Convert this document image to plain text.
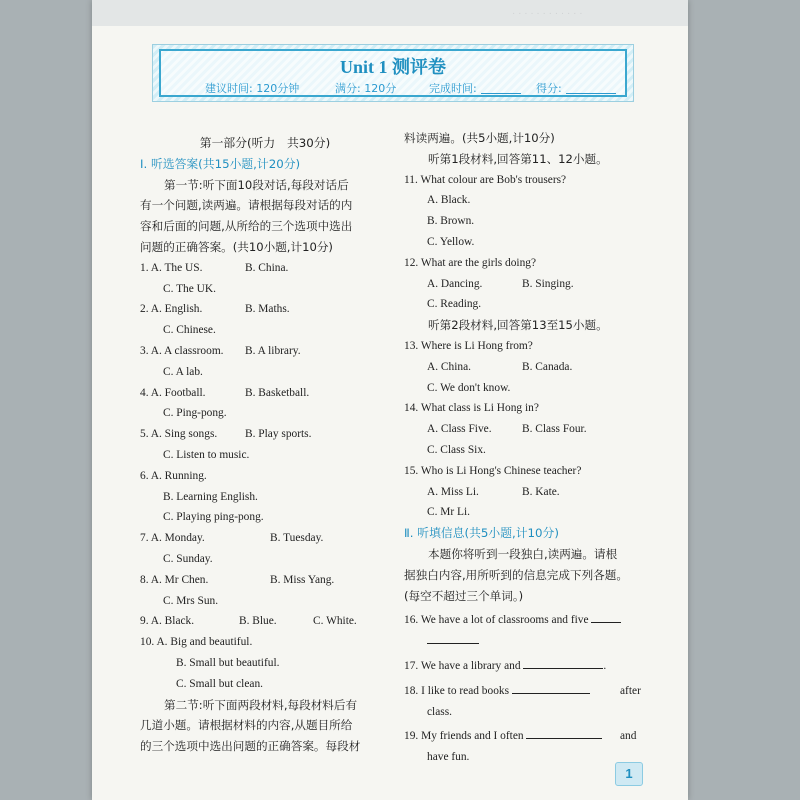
· · · · · · · · · · · ·
Unit 1 测评卷
建议时间: 120分钟	满分: 120分	完成时间:	得分:

第一部分(听力　共30分)

Ⅰ. 听选答案(共15小题,计20分)

第一节:听下面10段对话,每段对话后

有一个问题,读两遍。请根据每段对话的内

容和后面的问题,从所给的三个选项中选出

问题的正确答案。(共10小题,计10分)

1. A. The US.	B. China.

C. The UK.

2. A. English.	B. Maths.

C. Chinese.

3. A. A classroom. B. A library.

C. A lab.

4. A. Football.	B. Basketball.

C. Ping-pong.

5. A. Sing songs. B. Play sports.

C. Listen to music.

6. A. Running.

B. Learning English.

C. Playing ping-pong.

7. A. Monday.	B. Tuesday.

C. Sunday.

8. A. Mr Chen.	B. Miss Yang.

C. Mrs Sun.

9. A. Black.	B. Blue.	C. White.

10. A. Big and beautiful.

B. Small but beautiful.

C. Small but clean.

第二节:听下面两段材料,每段材料后有

几道小题。请根据材料的内容,从题目所给

的三个选项中选出问题的正确答案。每段材

料读两遍。(共5小题,计10分)

听第1段材料,回答第11、12小题。

11. What colour are Bob's trousers?

A. Black.

B. Brown.

C. Yellow.

12. What are the girls doing?

A. Dancing.	B. Singing.

C. Reading.

听第2段材料,回答第13至15小题。

13. Where is Li Hong from?

A. China.	B. Canada.

C. We don't know.

14. What class is Li Hong in?

A. Class Five.	B. Class Four.

C. Class Six.

15. Who is Li Hong's Chinese teacher?

A. Miss Li.	B. Kate.

C. Mr Li.

Ⅱ. 听填信息(共5小题,计10分)

本题你将听到一段独白,读两遍。请根

据独白内容,用所听到的信息完成下列各题。

(每空不超过三个单词。)

16. We have a lot of classrooms and five

17. We have a library and	.

18. I like to read books	after

class.

19. My friends and I often	and

have fun.

1
